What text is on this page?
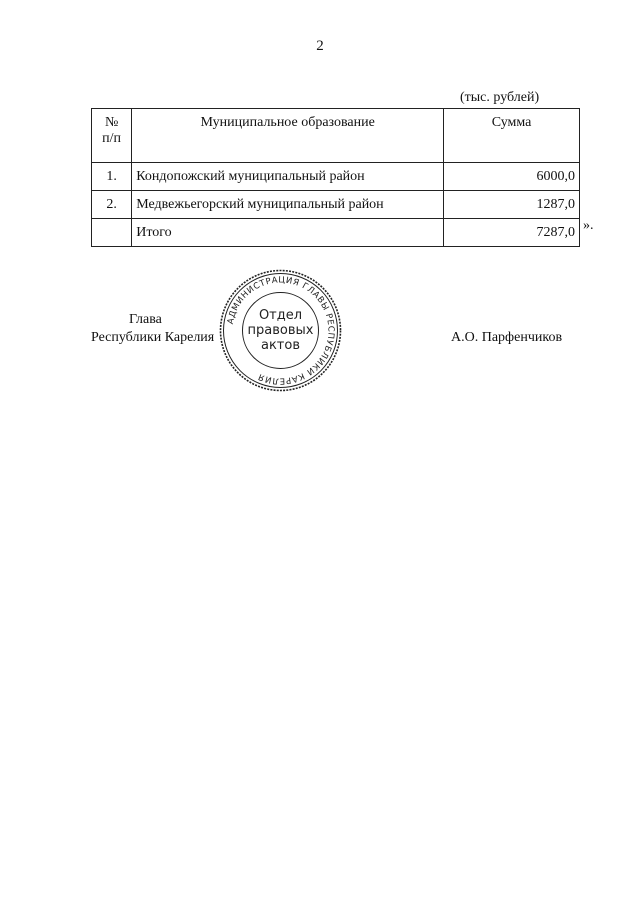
2
(тыс. рублей)
№
п/п	Муниципальное образование	Сумма
1.	Кондопожский муниципальный район	6000,0
2.	Медвежьегорский муниципальный район	1287,0
	Итого	7287,0 ».
Глава
Республики Карелия	А.О. Парфенчиков
АДМИНИСТРАЦИЯ ГЛАВЫ РЕСПУБЛИКИ КАРЕЛИЯ
Отдел
правовых
актов
